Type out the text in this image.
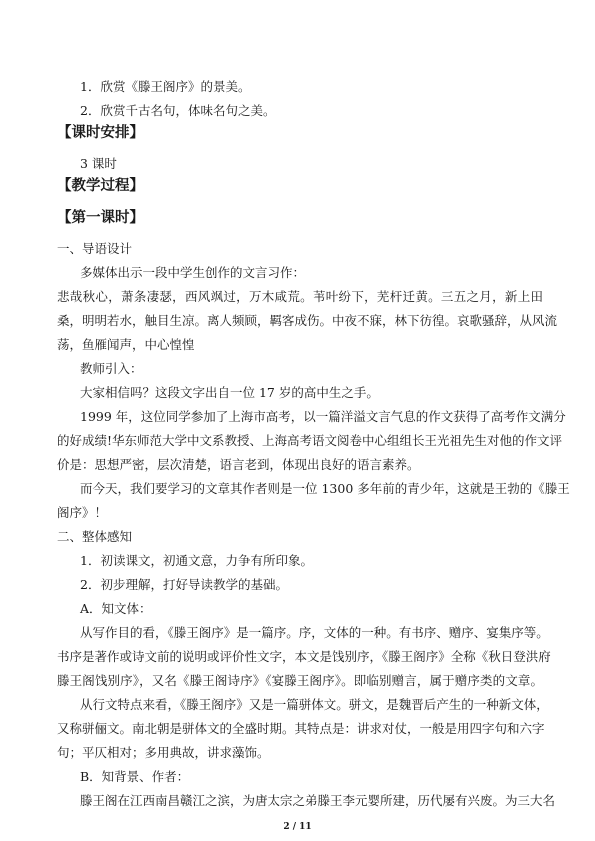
1．欣赏《滕王阁序》的景美。
2．欣赏千古名句，体味名句之美。
【课时安排】
3 课时
【教学过程】
【第一课时】
一、导语设计
多媒体出示一段中学生创作的文言习作：
悲哉秋心，萧条凄瑟，西风飒过，万木咸荒。苇叶纷下，芜杆迁黄。三五之月，新上田
桑，明明若水，触目生凉。离人频顾，羁客成伤。中夜不寐，林下彷徨。哀歌骚辞，从风流
荡，鱼雁闻声，中心惶惶
教师引入：
大家相信吗？这段文字出自一位 17 岁的高中生之手。
1999 年，这位同学参加了上海市高考，以一篇洋溢文言气息的作文获得了高考作文满分
的好成绩!华东师范大学中文系教授、上海高考语文阅卷中心组组长王光祖先生对他的作文评
价是：思想严密，层次清楚，语言老到，体现出良好的语言素养。
而今天，我们要学习的文章其作者则是一位 1300 多年前的青少年，这就是王勃的《滕王
阁序》！
二、整体感知
1．初读课文，初通文意，力争有所印象。
2．初步理解，打好导读教学的基础。
A．知文体：
从写作目的看，《滕王阁序》是一篇序。序，文体的一种。有书序、赠序、宴集序等。
书序是著作或诗文前的说明或评价性文字，本文是饯别序，《滕王阁序》全称《秋日登洪府
滕王阁饯别序》，又名《滕王阁诗序》《宴滕王阁序》。即临别赠言，属于赠序类的文章。
从行文特点来看，《滕王阁序》又是一篇骈体文。骈文，是魏晋后产生的一种新文体，
又称骈俪文。南北朝是骈体文的全盛时期。其特点是：讲求对仗，一般是用四字句和六字
句；平仄相对；多用典故，讲求藻饰。
B．知背景、作者：
滕王阁在江西南昌赣江之滨，为唐太宗之弟滕王李元婴所建，历代屡有兴废。为三大名
2 / 11
